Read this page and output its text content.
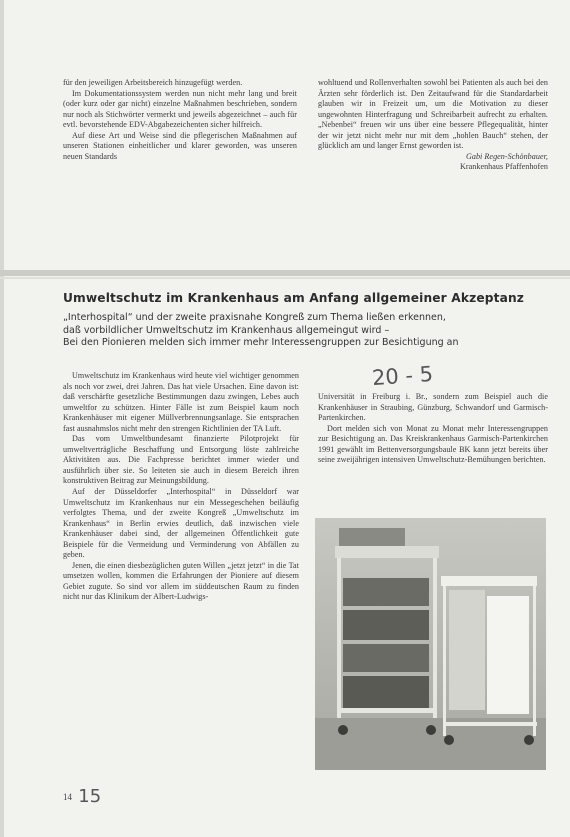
für den jeweiligen Arbeitsbereich hinzugefügt werden.

Im Dokumentationssystem werden nun nicht mehr lang und breit (oder kurz oder gar nicht) einzelne Maßnahmen beschrieben, sondern nur noch als Stichwörter vermerkt und jeweils abgezeichnet – auch für evtl. bevorstehende EDV-Abgabezeichenten sicher hilfreich.

Auf diese Art und Weise sind die pflegerischen Maßnahmen auf unseren Stationen einheitlicher und klarer geworden, was unseren neuen Standards

wohltuend und Rollenverhalten sowohl bei Patienten als auch bei den Ärzten sehr förderlich ist. Den Zeitaufwand für die Standardarbeit glauben wir in Freizeit um, um die Motivation zu dieser ungewohnten Hinterfragung und Schreibarbeit aufrecht zu erhalten. „Nebenbei“ freuen wir uns über eine bessere Pflegequalität, hinter der wir jetzt nicht mehr nur mit dem „hohlen Bauch“ stehen, der glücklich am und langer Ernst geworden ist.

Gabi Regen-Schönbauer,

Krankenhaus Pfaffenhofen

Umweltschutz im Krankenhaus am Anfang allgemeiner Akzeptanz
„Interhospital“ und der zweite praxisnahe Kongreß zum Thema ließen erkennen,
daß vorbildlicher Umweltschutz im Krankenhaus allgemeingut wird –
Bei den Pionieren melden sich immer mehr Interessengruppen zur Besichtigung an
20 - 5

Umweltschutz im Krankenhaus wird heute viel wichtiger genommen als noch vor zwei, drei Jahren. Das hat viele Ursachen. Eine davon ist: daß verschärfte gesetzliche Bestimmungen dazu zwingen, Lebes auch umweltfor zu schützen. Hinter Fälle ist zum Beispiel kaum noch Krankenhäuser mit eigener Müllverbrennungsanlage. Sie entsprachen fast ausnahmslos nicht mehr den strengen Richtlinien der TA Luft.

Das vom Umweltbundesamt finanzierte Pilotprojekt für umweltverträgliche Beschaffung und Entsorgung löste zahlreiche Aktivitäten aus. Die Fachpresse berichtet immer wieder und ausführlich über sie. So leiteten sie auch in diesem Bereich ihren konstruktiven Beitrag zur Meinungsbildung.

Auf der Düsseldorfer „Interhospital“ in Düsseldorf war Umweltschutz im Krankenhaus nur ein Messegeschehen beiläufig verfolgtes Thema, und der zweite Kongreß „Umweltschutz im Krankenhaus“ in Berlin erwies deutlich, daß inzwischen viele Krankenhäuser dabei sind, der allgemeinen Öffentlichkeit gute Beispiele für die Vermeidung und Verminderung von Abfällen zu geben.

Jenen, die einen diesbezüglichen guten Willen „jetzt jetzt“ in die Tat umsetzen wollen, kommen die Erfahrungen der Pioniere auf diesem Gebiet zugute. So sind vor allem im süddeutschen Raum zu finden nicht nur das Klinikum der Albert-Ludwigs-

Universität in Freiburg i. Br., sondern zum Beispiel auch die Krankenhäuser in Straubing, Günzburg, Schwandorf und Garmisch-Partenkirchen.

Dort melden sich von Monat zu Monat mehr Interessengruppen zur Besichtigung an. Das Kreiskrankenhaus Garmisch-Partenkirchen 1991 gewählt im Bettenversorgungsbaule BK kann jetzt bereits über seine zweijährigen intensiven Umweltschutz-Bemühungen berichten.

14 15
